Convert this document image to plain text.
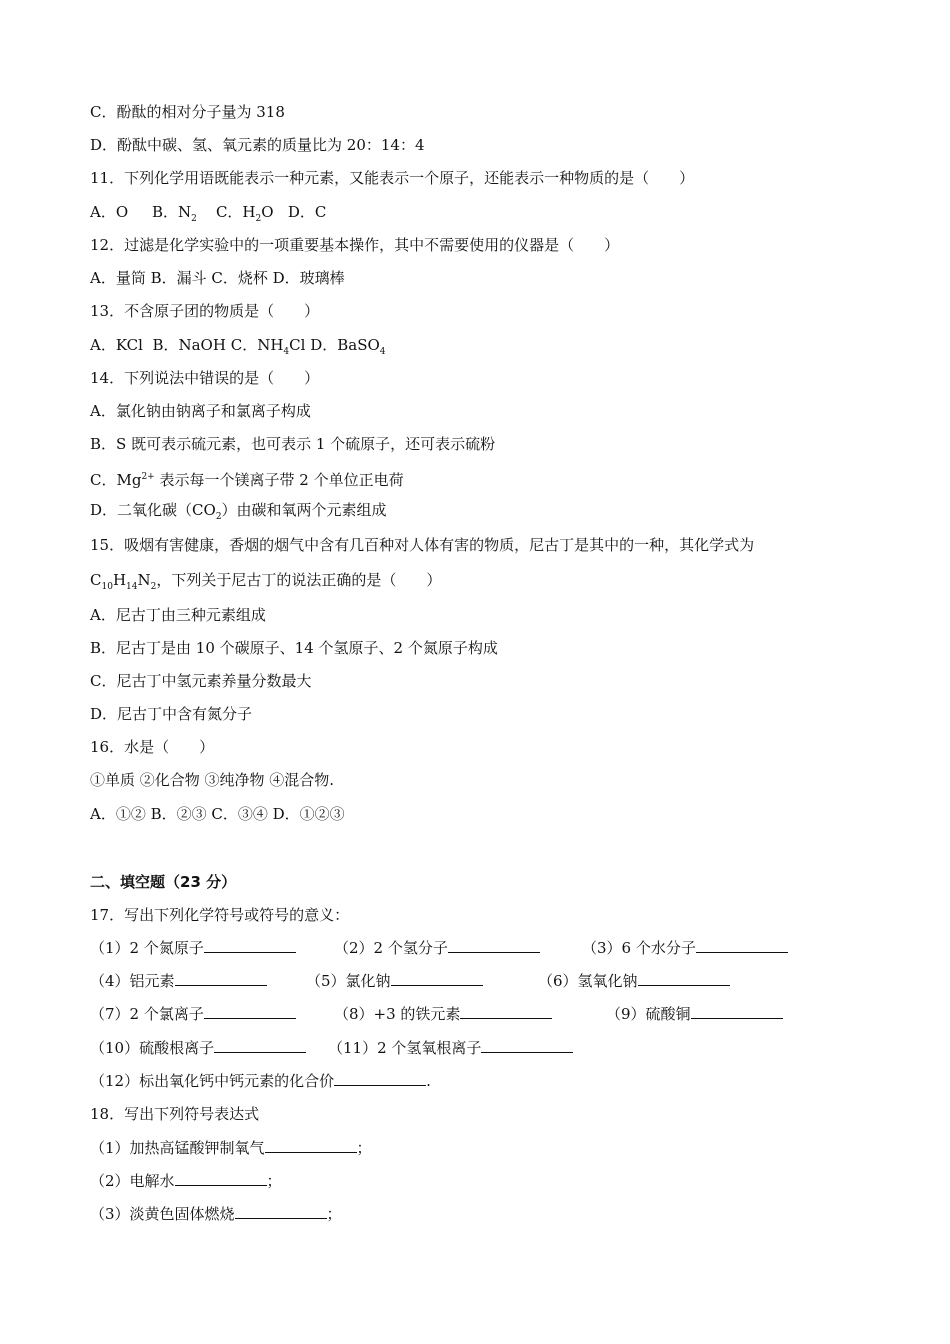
C．酚酞的相对分子量为 318
D．酚酞中碳、氢、氧元素的质量比为 20：14：4
11．下列化学用语既能表示一种元素，又能表示一个原子，还能表示一种物质的是（　　）
A．O B．$N_2$ C．$H_2O$ D．C
12．过滤是化学实验中的一项重要基本操作，其中不需要使用的仪器是（　　）
A．量筒 B．漏斗 C．烧杯 D．玻璃棒
13．不含原子团的物质是（　　）
A．KCl B．NaOH C．$NH_4Cl$ D．BaSO$_4$
14．下列说法中错误的是（　　）
A．氯化钠由钠离子和氯离子构成
B．S 既可表示硫元素，也可表示 1 个硫原子，还可表示硫粉
C．$Mg^{2+}$ 表示每一个镁离子带 2 个单位正电荷
D．二氧化碳$(CO_2)$由碳和氧两个元素组成
15．吸烟有害健康，香烟的烟气中含有几百种对人体有害的物质，尼古丁是其中的一种，其化学式为
$C_{10}H_{14}N_2$，下列关于尼古丁的说法正确的是（　　）
A．尼古丁由三种元素组成
B．尼古丁是由 10 个碳原子、14 个氢原子、2 个氮原子构成
C．尼古丁中氢元素养量分数最大
D．尼古丁中含有氮分子
16．水是（　　）
①单质 ②化合物 ③纯净物 ④混合物.
A．①② B．②③ C．③④ D．①②③
二、填空题（23 分）
17．写出下列化学符号或符号的意义：
（1）2 个氮原子	（2）2 个氢分子	（3）6 个水分子
（4）铝元素	（5）氯化钠	（6）氢氧化钠
（7）2 个氯离子	（8）+3 的铁元素	（9）硫酸铜
（10）硫酸根离子	（11）2 个氢氧根离子
（12）标出氧化钙中钙元素的化合价	.
18．写出下列符号表达式
（1）加热高锰酸钾制氧气	；
（2）电解水	；
（3）淡黄色固体燃烧	；
